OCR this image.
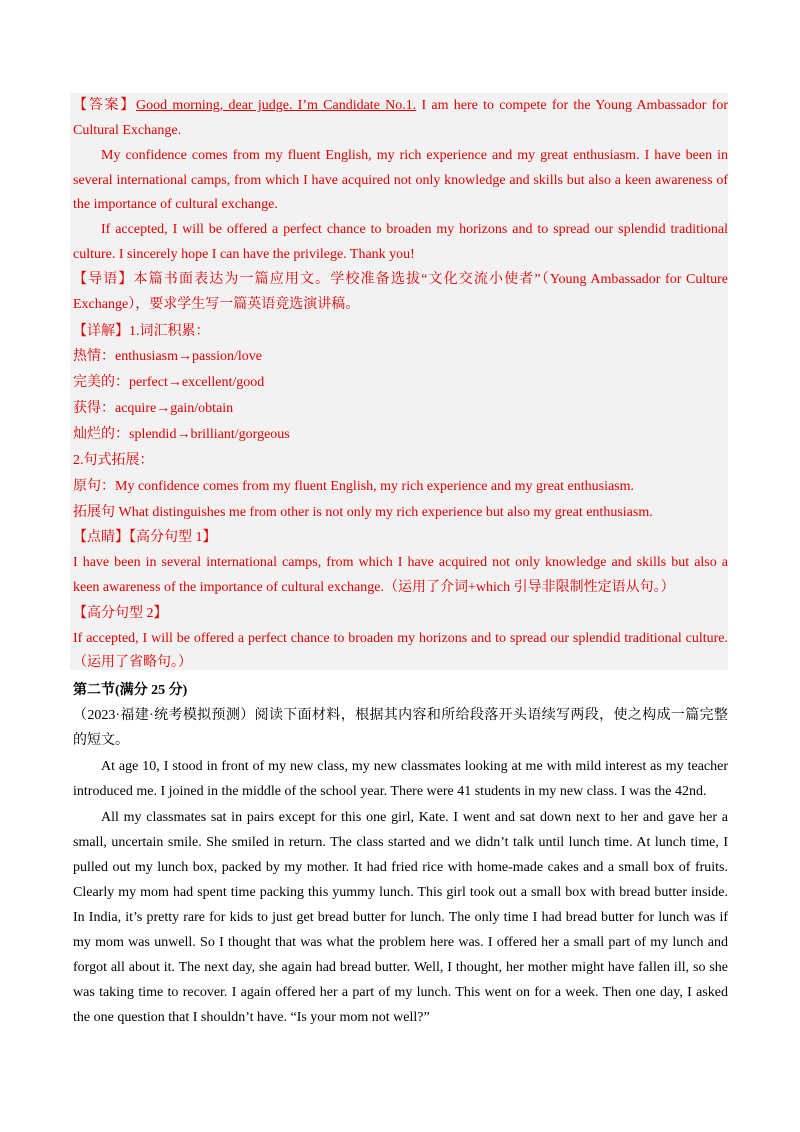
【答案】Good morning, dear judge. I’m Candidate No.1. I am here to compete for the Young Ambassador for
Cultural Exchange.
My confidence comes from my fluent English, my rich experience and my great enthusiasm. I have been in
several international camps, from which I have acquired not only knowledge and skills but also a keen awareness of
the importance of cultural exchange.
If accepted, I will be offered a perfect chance to broaden my horizons and to spread our splendid traditional
culture. I sincerely hope I can have the privilege. Thank you!
【导语】本篇书面表达为一篇应用文。学校准备选拔“文化交流小使者”（Young Ambassador for Culture
Exchange），要求学生写一篇英语竞选演讲稿。
【详解】1.词汇积累：
热情：enthusiasm→passion/love
完美的：perfect→excellent/good
获得：acquire→gain/obtain
灿烂的：splendid→brilliant/gorgeous
2.句式拓展：
原句：My confidence comes from my fluent English, my rich experience and my great enthusiasm.
拓展句 What distinguishes me from other is not only my rich experience but also my great enthusiasm.
【点睛】【高分句型 1】
I have been in several international camps, from which I have acquired not only knowledge and skills but also a
keen awareness of the importance of cultural exchange.（运用了介词+which 引导非限制性定语从句。）
【高分句型 2】
If accepted, I will be offered a perfect chance to broaden my horizons and to spread our splendid traditional culture.
（运用了省略句。）
第二节(满分 25 分)
（2023·福建·统考模拟预测）阅读下面材料，根据其内容和所给段落开头语续写两段，使之构成一篇完整
的短文。
At age 10, I stood in front of my new class, my new classmates looking at me with mild interest as my teacher
introduced me. I joined in the middle of the school year. There were 41 students in my new class. I was the 42nd.
All my classmates sat in pairs except for this one girl, Kate. I went and sat down next to her and gave her a
small, uncertain smile. She smiled in return. The class started and we didn’t talk until lunch time. At lunch time, I
pulled out my lunch box, packed by my mother. It had fried rice with home-made cakes and a small box of fruits.
Clearly my mom had spent time packing this yummy lunch. This girl took out a small box with bread butter inside.
In India, it’s pretty rare for kids to just get bread butter for lunch. The only time I had bread butter for lunch was if
my mom was unwell. So I thought that was what the problem here was. I offered her a small part of my lunch and
forgot all about it. The next day, she again had bread butter. Well, I thought, her mother might have fallen ill, so she
was taking time to recover. I again offered her a part of my lunch. This went on for a week. Then one day, I asked
the one question that I shouldn’t have. “Is your mom not well?”
